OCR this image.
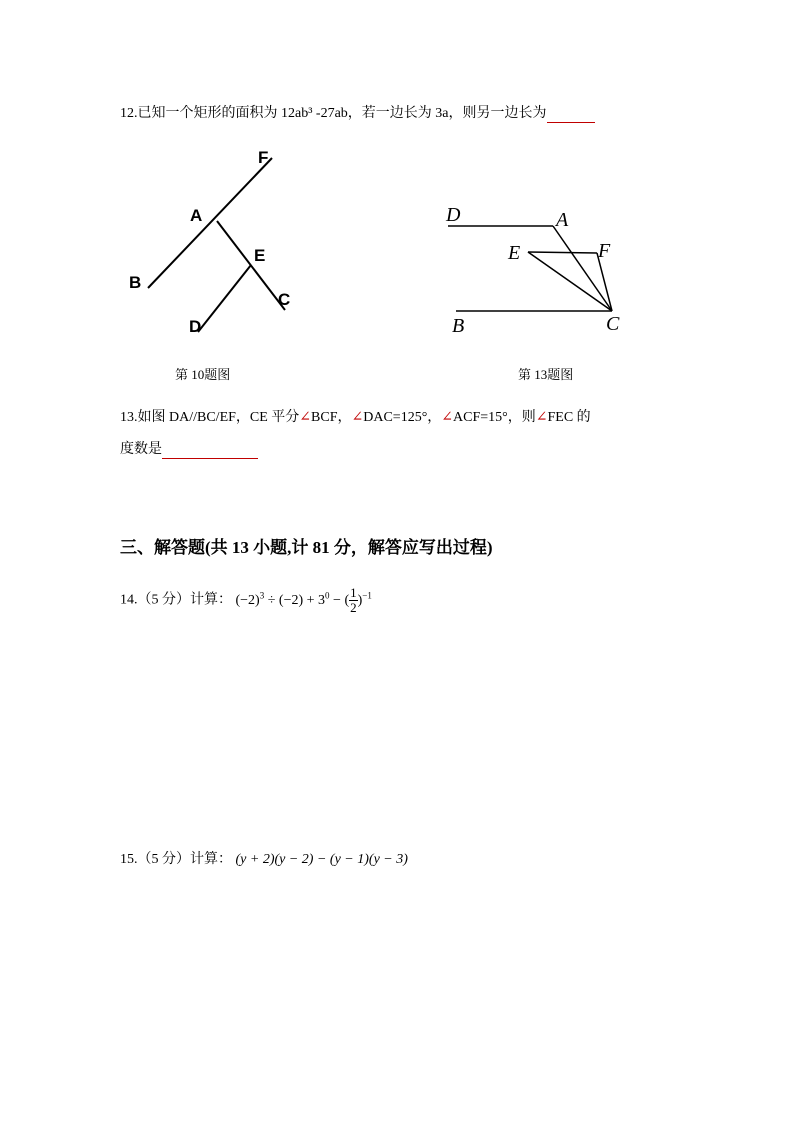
12.已知一个矩形的面积为 12ab³ -27ab，若一边长为 3a，则另一边长为
F
A
E
B
C
D
第 10题图
D	A
E	F
B	C
第 13题图
13.如图 DA//BC/EF，CE 平分∠BCF，∠DAC=125°，∠ACF=15°，则∠FEC 的
度数是
三、解答题(共 13 小题,计 81 分，解答应写出过程)
14.（5 分）计算： $(-2)^3 \div (-2) + 3^0$ − ( $\frac{1}{2} )^{-1}$
15.（5 分）计算： (y + 2)(y − 2) − (y − 1)(y − 3)
